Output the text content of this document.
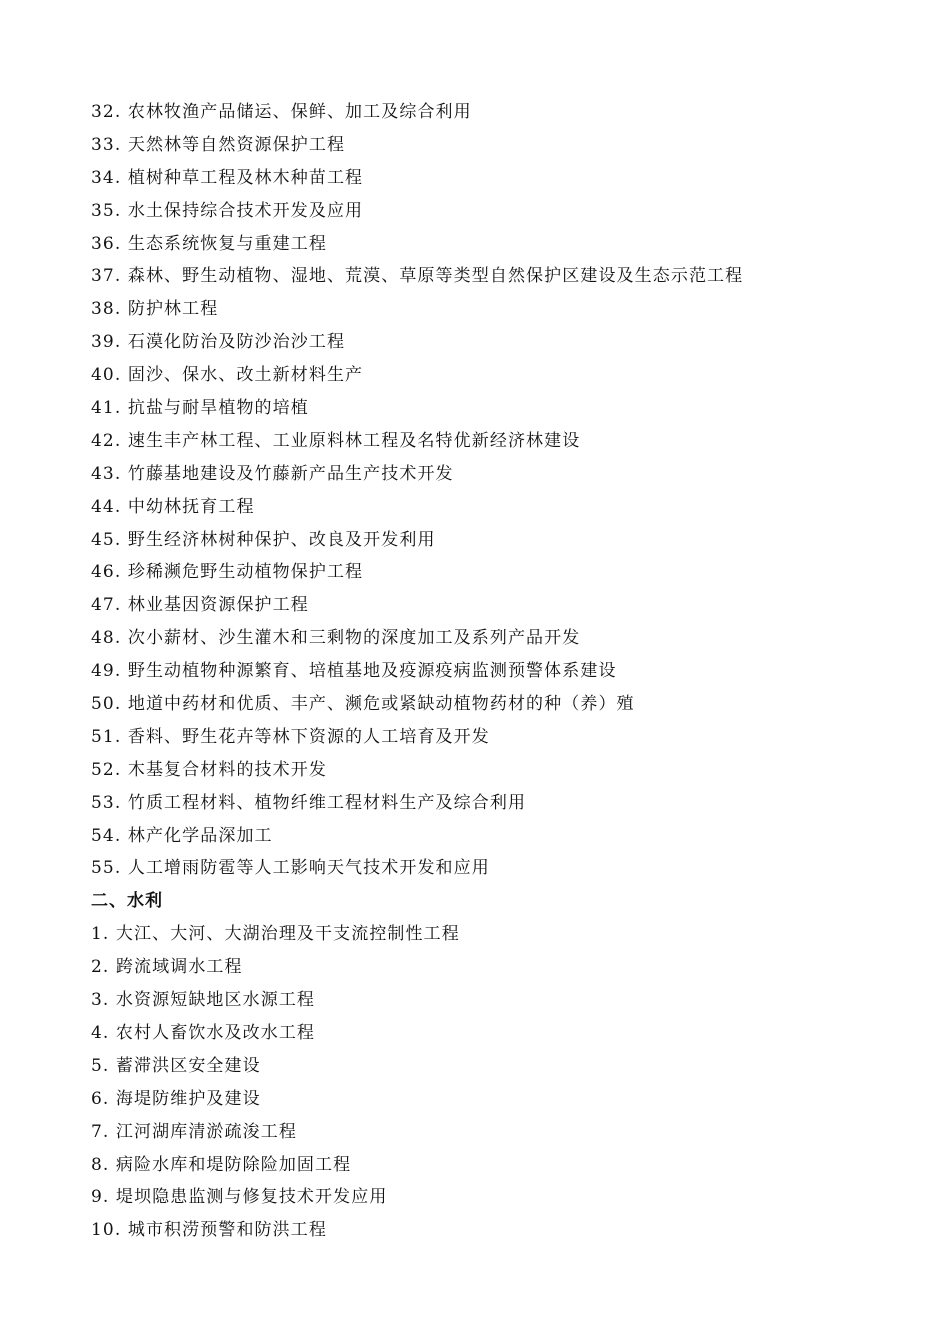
32. 农林牧渔产品储运、保鲜、加工及综合利用
33. 天然林等自然资源保护工程
34. 植树种草工程及林木种苗工程
35. 水土保持综合技术开发及应用
36. 生态系统恢复与重建工程
37. 森林、野生动植物、湿地、荒漠、草原等类型自然保护区建设及生态示范工程
38. 防护林工程
39. 石漠化防治及防沙治沙工程
40. 固沙、保水、改土新材料生产
41. 抗盐与耐旱植物的培植
42. 速生丰产林工程、工业原料林工程及名特优新经济林建设
43. 竹藤基地建设及竹藤新产品生产技术开发
44. 中幼林抚育工程
45. 野生经济林树种保护、改良及开发利用
46. 珍稀濒危野生动植物保护工程
47. 林业基因资源保护工程
48. 次小薪材、沙生灌木和三剩物的深度加工及系列产品开发
49. 野生动植物种源繁育、培植基地及疫源疫病监测预警体系建设
50. 地道中药材和优质、丰产、濒危或紧缺动植物药材的种（养）殖
51. 香料、野生花卉等林下资源的人工培育及开发
52. 木基复合材料的技术开发
53. 竹质工程材料、植物纤维工程材料生产及综合利用
54. 林产化学品深加工
55. 人工增雨防雹等人工影响天气技术开发和应用
二、水利
1. 大江、大河、大湖治理及干支流控制性工程
2. 跨流域调水工程
3. 水资源短缺地区水源工程
4. 农村人畜饮水及改水工程
5. 蓄滞洪区安全建设
6. 海堤防维护及建设
7. 江河湖库清淤疏浚工程
8. 病险水库和堤防除险加固工程
9. 堤坝隐患监测与修复技术开发应用
10. 城市积涝预警和防洪工程
